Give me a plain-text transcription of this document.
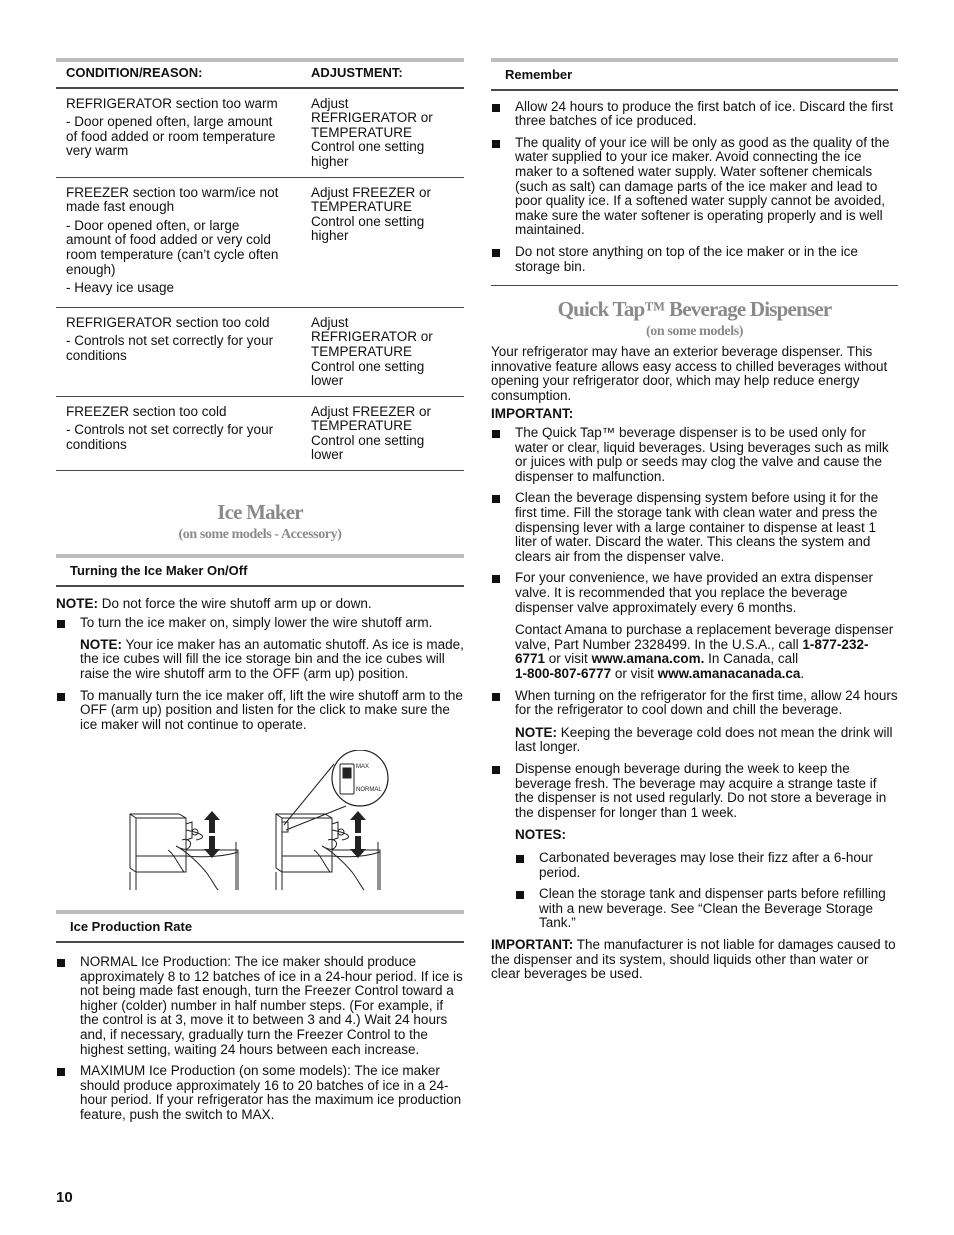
CONDITION/REASON:	ADJUSTMENT:

REFRIGERATOR section too warm

- Door opened often, large amount of food added or room temperature very warm	Adjust REFRIGERATOR or TEMPERATURE Control one setting higher

FREEZER section too warm/ice not made fast enough

- Door opened often, or large amount of food added or very cold room temperature (can’t cycle often enough)

- Heavy ice usage	Adjust FREEZER or TEMPERATURE Control one setting higher

REFRIGERATOR section too cold

- Controls not set correctly for your conditions	Adjust REFRIGERATOR or TEMPERATURE Control one setting lower

FREEZER section too cold

- Controls not set correctly for your conditions	Adjust FREEZER or TEMPERATURE Control one setting lower
Ice Maker

(on some models - Accessory)

Turning the Ice Maker On/Off

NOTE: Do not force the wire shutoff arm up or down.

To turn the ice maker on, simply lower the wire shutoff arm.
NOTE: Your ice maker has an automatic shutoff. As ice is made, the ice cubes will fill the ice storage bin and the ice cubes will raise the wire shutoff arm to the OFF (arm up) position.
To manually turn the ice maker off, lift the wire shutoff arm to the OFF (arm up) position and listen for the click to make sure the ice maker will not continue to operate.
MAX
NORMAL
Ice Production Rate
NORMAL Ice Production: The ice maker should produce approximately 8 to 12 batches of ice in a 24-hour period. If ice is not being made fast enough, turn the Freezer Control toward a higher (colder) number in half number steps. (For example, if the control is at 3, move it to between 3 and 4.) Wait 24 hours and, if necessary, gradually turn the Freezer Control to the highest setting, waiting 24 hours between each increase.
MAXIMUM Ice Production (on some models): The ice maker should produce approximately 16 to 20 batches of ice in a 24-hour period. If your refrigerator has the maximum ice production feature, push the switch to MAX.
Remember
Allow 24 hours to produce the first batch of ice. Discard the first three batches of ice produced.
The quality of your ice will be only as good as the quality of the water supplied to your ice maker. Avoid connecting the ice maker to a softened water supply. Water softener chemicals (such as salt) can damage parts of the ice maker and lead to poor quality ice. If a softened water supply cannot be avoided, make sure the water softener is operating properly and is well maintained.
Do not store anything on top of the ice maker or in the ice storage bin.
Quick Tap™ Beverage Dispenser

(on some models)

Your refrigerator may have an exterior beverage dispenser. This innovative feature allows easy access to chilled beverages without opening your refrigerator door, which may help reduce energy consumption.

IMPORTANT:

The Quick Tap™ beverage dispenser is to be used only for water or clear, liquid beverages. Using beverages such as milk or juices with pulp or seeds may clog the valve and cause the dispenser to malfunction.
Clean the beverage dispensing system before using it for the first time. Fill the storage tank with clean water and press the dispensing lever with a large container to dispense at least 1 liter of water. Discard the water. This cleans the system and clears air from the dispenser valve.
For your convenience, we have provided an extra dispenser valve. It is recommended that you replace the beverage dispenser valve approximately every 6 months.
Contact Amana to purchase a replacement beverage dispenser valve, Part Number 2328499. In the U.S.A., call 1-877-232-6771 or visit www.amana.com. In Canada, call
1-800-807-6777 or visit www.amanacanada.ca.
When turning on the refrigerator for the first time, allow 24 hours for the refrigerator to cool down and chill the beverage.
NOTE: Keeping the beverage cold does not mean the drink will last longer.
Dispense enough beverage during the week to keep the beverage fresh. The beverage may acquire a strange taste if the dispenser is not used regularly. Do not store a beverage in the dispenser for longer than 1 week.
NOTES:
Carbonated beverages may lose their fizz after a 6-hour period.
Clean the storage tank and dispenser parts before refilling with a new beverage. See “Clean the Beverage Storage Tank.”

IMPORTANT: The manufacturer is not liable for damages caused to the dispenser and its system, should liquids other than water or clear beverages be used.

10
